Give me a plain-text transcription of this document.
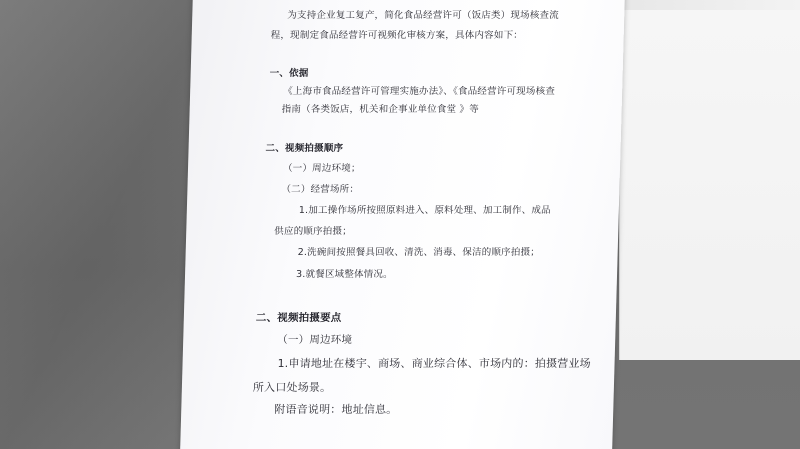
为支持企业复工复产，简化食品经营许可（饭店类）现场核查流
程，现制定食品经营许可视频化审核方案，具体内容如下：
一、依据
《上海市食品经营许可管理实施办法》、《食品经营许可现场核查
指南（各类饭店，机关和企事业单位食堂 》等
二、视频拍摄顺序
（一）周边环境；
（二）经营场所：
1.加工操作场所按照原料进入、原料处理、加工制作、成品
供应的顺序拍摄；
2.洗碗间按照餐具回收、清洗、消毒、保洁的顺序拍摄；
3.就餐区域整体情况。
二、视频拍摄要点
（一）周边环境
1.申请地址在楼宇、商场、商业综合体、市场内的：拍摄营业场
所入口处场景。
附语音说明：地址信息。
